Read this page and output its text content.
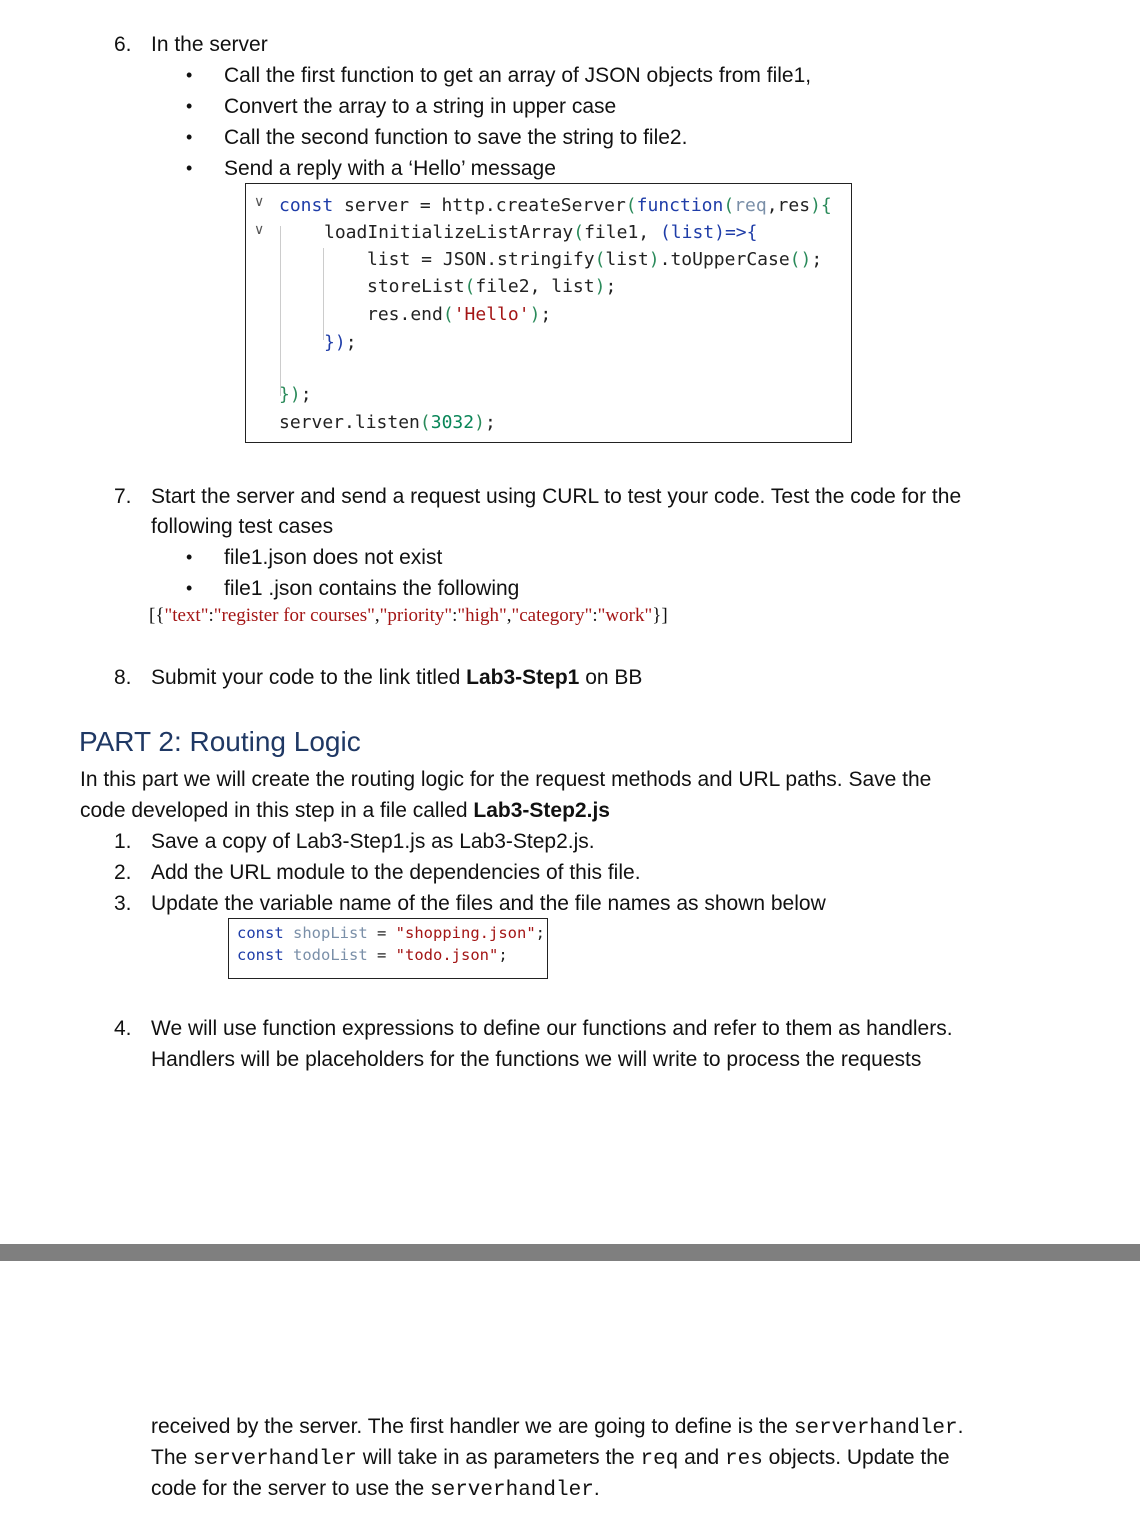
6. In the server
• Call the first function to get an array of JSON objects from file1,
• Convert the array to a string in upper case
• Call the second function to save the string to file2.
• Send a reply with a ‘Hello’ message
∨
∨
const server = http.createServer(function(req,res){
loadInitializeListArray(file1, (list)=>{
list = JSON.stringify(list).toUpperCase();
storeList(file2, list);
res.end('Hello');
});
});
server.listen(3032);
7. Start the server and send a request using CURL to test your code. Test the code for the
following test cases
• file1.json does not exist
• file1 .json contains the following
[{"text":"register for courses","priority":"high","category":"work"}]
8. Submit your code to the link titled Lab3-Step1 on BB
PART 2: Routing Logic
In this part we will create the routing logic for the request methods and URL paths. Save the
code developed in this step in a file called Lab3-Step2.js
1. Save a copy of Lab3-Step1.js as Lab3-Step2.js.
2. Add the URL module to the dependencies of this file.
3. Update the variable name of the files and the file names as shown below
const shopList = "shopping.json";
const todoList = "todo.json";
4. We will use function expressions to define our functions and refer to them as handlers.
Handlers will be placeholders for the functions we will write to process the requests
received by the server. The first handler we are going to define is the serverhandler.
The serverhandler will take in as parameters the req and res objects. Update the
code for the server to use the serverhandler.
